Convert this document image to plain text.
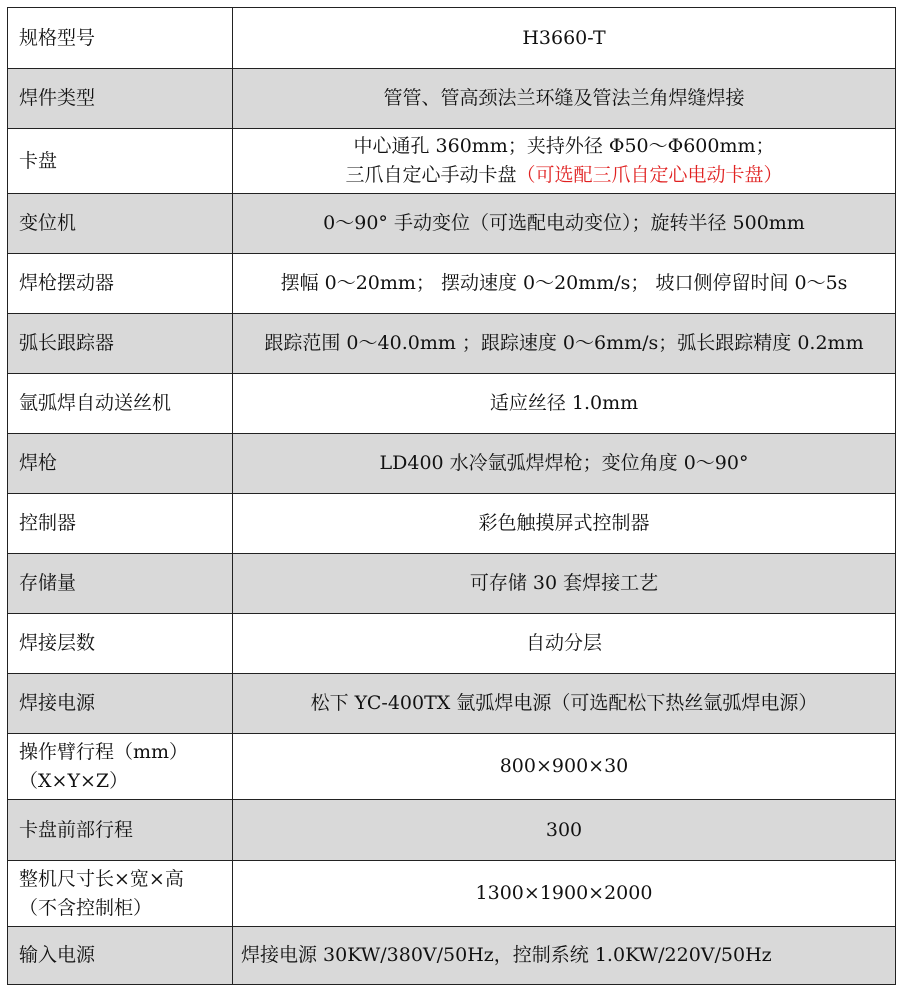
规格型号	H3660-T
焊件类型	管管、管高颈法兰环缝及管法兰角焊缝焊接
卡盘	中心通孔 360mm；夹持外径 Φ50～Φ600mm；
三爪自定心手动卡盘（可选配三爪自定心电动卡盘）

变位机	0～90° 手动变位（可选配电动变位）；旋转半径 500mm
焊枪摆动器	摆幅 0～20mm； 摆动速度 0～20mm/s； 坡口侧停留时间 0～5s
弧长跟踪器	跟踪范围 0～40.0mm ；跟踪速度 0～6mm/s；弧长跟踪精度 0.2mm
氩弧焊自动送丝机	适应丝径 1.0mm
焊枪	LD400 水冷氩弧焊焊枪；变位角度 0～90°
控制器	彩色触摸屏式控制器
存储量	可存储 30 套焊接工艺
焊接层数	自动分层
焊接电源	松下 YC-400TX 氩弧焊电源（可选配松下热丝氩弧焊电源）

操作臂行程（mm）
（X×Y×Z）	800×900×30
卡盘前部行程	300

整机尺寸长×宽×高
（不含控制柜）	1300×1900×2000
输入电源	焊接电源 30KW/380V/50Hz，控制系统 1.0KW/220V/50Hz
